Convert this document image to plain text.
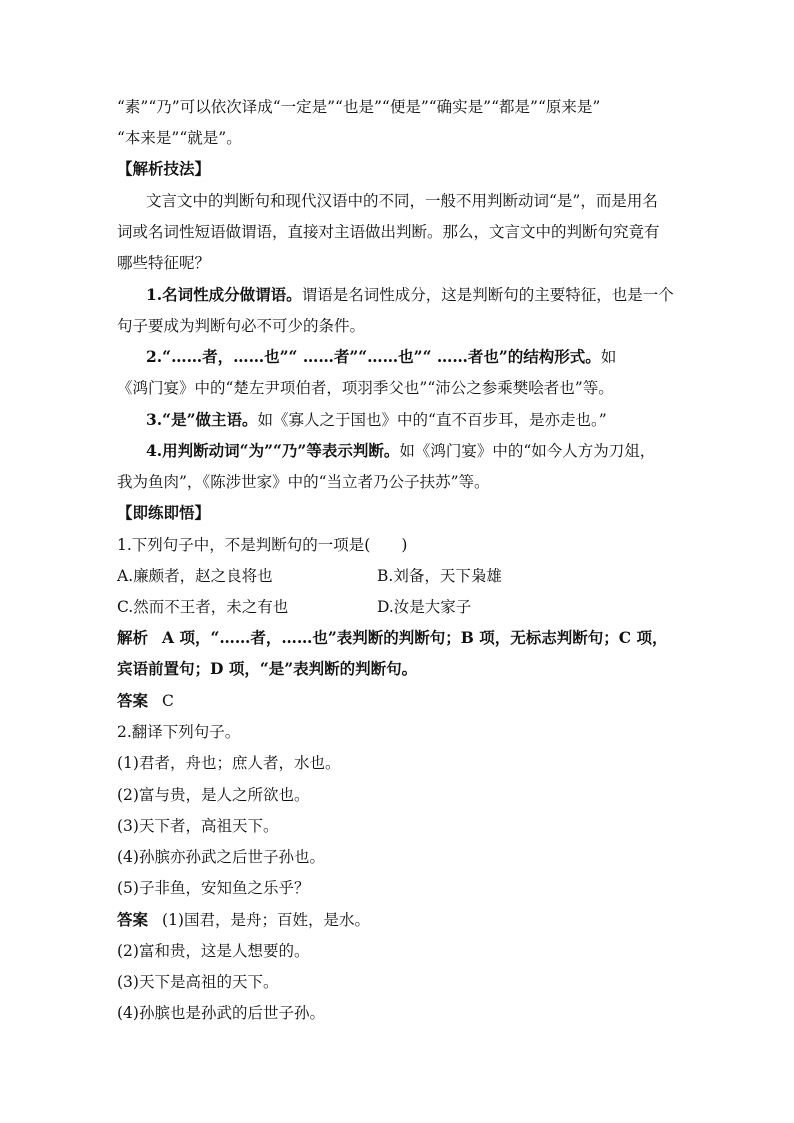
“素”“乃”可以依次译成“一定是”“也是”“便是”“确实是”“都是”“原来是”
“本来是”“就是”。
【解析技法】
文言文中的判断句和现代汉语中的不同，一般不用判断动词“是”，而是用名
词或名词性短语做谓语，直接对主语做出判断。那么，文言文中的判断句究竟有
哪些特征呢？
1.名词性成分做谓语。谓语是名词性成分，这是判断句的主要特征，也是一个
句子要成为判断句必不可少的条件。
2.“……者，……也”“ ……者”“……也”“ ……者也”的结构形式。如
《鸿门宴》中的“楚左尹项伯者，项羽季父也”“沛公之参乘樊哙者也”等。
3.“是”做主语。如《寡人之于国也》中的“直不百步耳，是亦走也。”
4.用判断动词“为”“乃”等表示判断。如《鸿门宴》中的“如今人方为刀俎，
我为鱼肉”，《陈涉世家》中的“当立者乃公子扶苏”等。
【即练即悟】
1.下列句子中，不是判断句的一项是(　　)
A.廉颇者，赵之良将也	B.刘备，天下枭雄
C.然而不王者，未之有也	D.汝是大家子
解析 A 项，“……者，……也”表判断的判断句；B 项，无标志判断句；C 项，
宾语前置句；D 项，“是”表判断的判断句。
答案 C
2.翻译下列句子。
(1)君者，舟也；庶人者，水也。
(2)富与贵，是人之所欲也。
(3)天下者，高祖天下。
(4)孙膑亦孙武之后世子孙也。
(5)子非鱼，安知鱼之乐乎？
答案 (1)国君，是舟；百姓，是水。
(2)富和贵，这是人想要的。
(3)天下是高祖的天下。
(4)孙膑也是孙武的后世子孙。
